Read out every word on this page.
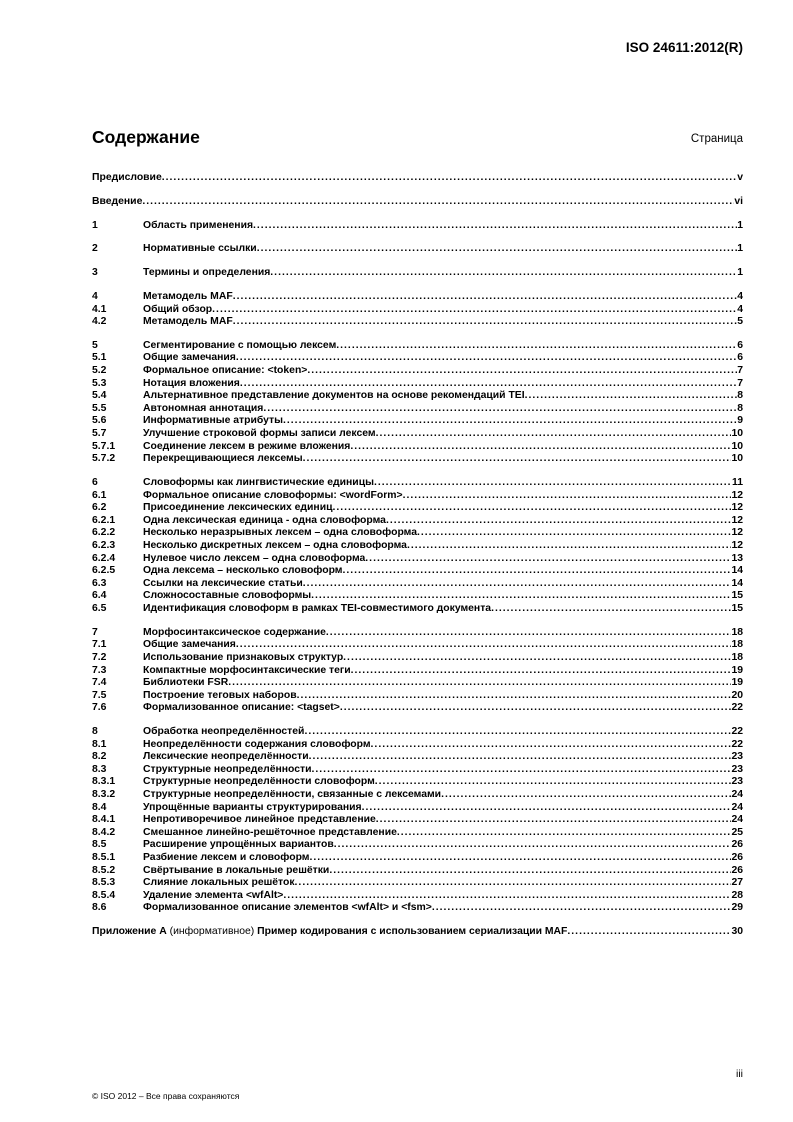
ISO 24611:2012(R)
Содержание	Страница
Предисловие .....	v
Введение .....	vi
1	Область применения .....	1
2	Нормативные ссылки .....	1
3	Термины и определения .....	1
4	Метамодель MAF .....	4
4.1	Общий обзор .....	4
4.2	Метамодель MAF .....	5
5	Сегментирование с помощью лексем .....	6
5.1	Общие замечания .....	6
5.2	Формальное описание: <token> .....	7
5.3	Нотация вложения .....	7
5.4	Альтернативное представление документов на основе рекомендаций TEI .....	8
5.5	Автономная аннотация .....	8
5.6	Информативные атрибуты .....	9
5.7	Улучшение строковой формы записи лексем .....	10
5.7.1	Соединение лексем в режиме вложения .....	10
5.7.2	Перекрещивающиеся лексемы .....	10
6	Словоформы как лингвистические единицы .....	11
6.1	Формальное описание словоформы: <wordForm> .....	12
6.2	Присоединение лексических единиц .....	12
6.2.1	Одна лексическая единица - одна словоформа .....	12
6.2.2	Несколько неразрывных лексем – одна словоформа .....	12
6.2.3	Несколько дискретных лексем – одна словоформа .....	12
6.2.4	Нулевое число лексем – одна словоформа .....	13
6.2.5	Одна лексема – несколько словоформ .....	14
6.3	Ссылки на лексические статьи .....	14
6.4	Сложносоставные словоформы .....	15
6.5	Идентификация словоформ в рамках TEI-совместимого документа .....	15
7	Морфосинтаксическое содержание .....	18
7.1	Общие замечания .....	18
7.2	Использование признаковых структур .....	18
7.3	Компактные морфосинтаксические теги .....	19
7.4	Библиотеки FSR .....	19
7.5	Построение теговых наборов .....	20
7.6	Формализованное описание: <tagset> .....	22
8	Обработка неопределённостей .....	22
8.1	Неопределённости содержания словоформ .....	22
8.2	Лексические неопределённости .....	23
8.3	Структурные неопределённости .....	23
8.3.1	Структурные неопределённости словоформ .....	23
8.3.2	Структурные неопределённости, связанные с лексемами .....	24
8.4	Упрощённые варианты структурирования .....	24
8.4.1	Непротиворечивое линейное представление .....	24
8.4.2	Смешанное линейно-решёточное представление .....	25
8.5	Расширение упрощённых вариантов .....	26
8.5.1	Разбиение лексем и словоформ .....	26
8.5.2	Свёртывание в локальные решётки .....	26
8.5.3	Слияние локальных решёток .....	27
8.5.4	Удаление элемента <wfAlt> .....	28
8.6	Формализованное описание элементов <wfAlt> и <fsm> .....	29
Приложение A (информативное) Пример кодирования с использованием сериализации MAF .....	30
iii
© ISO 2012 – Все права сохраняются
